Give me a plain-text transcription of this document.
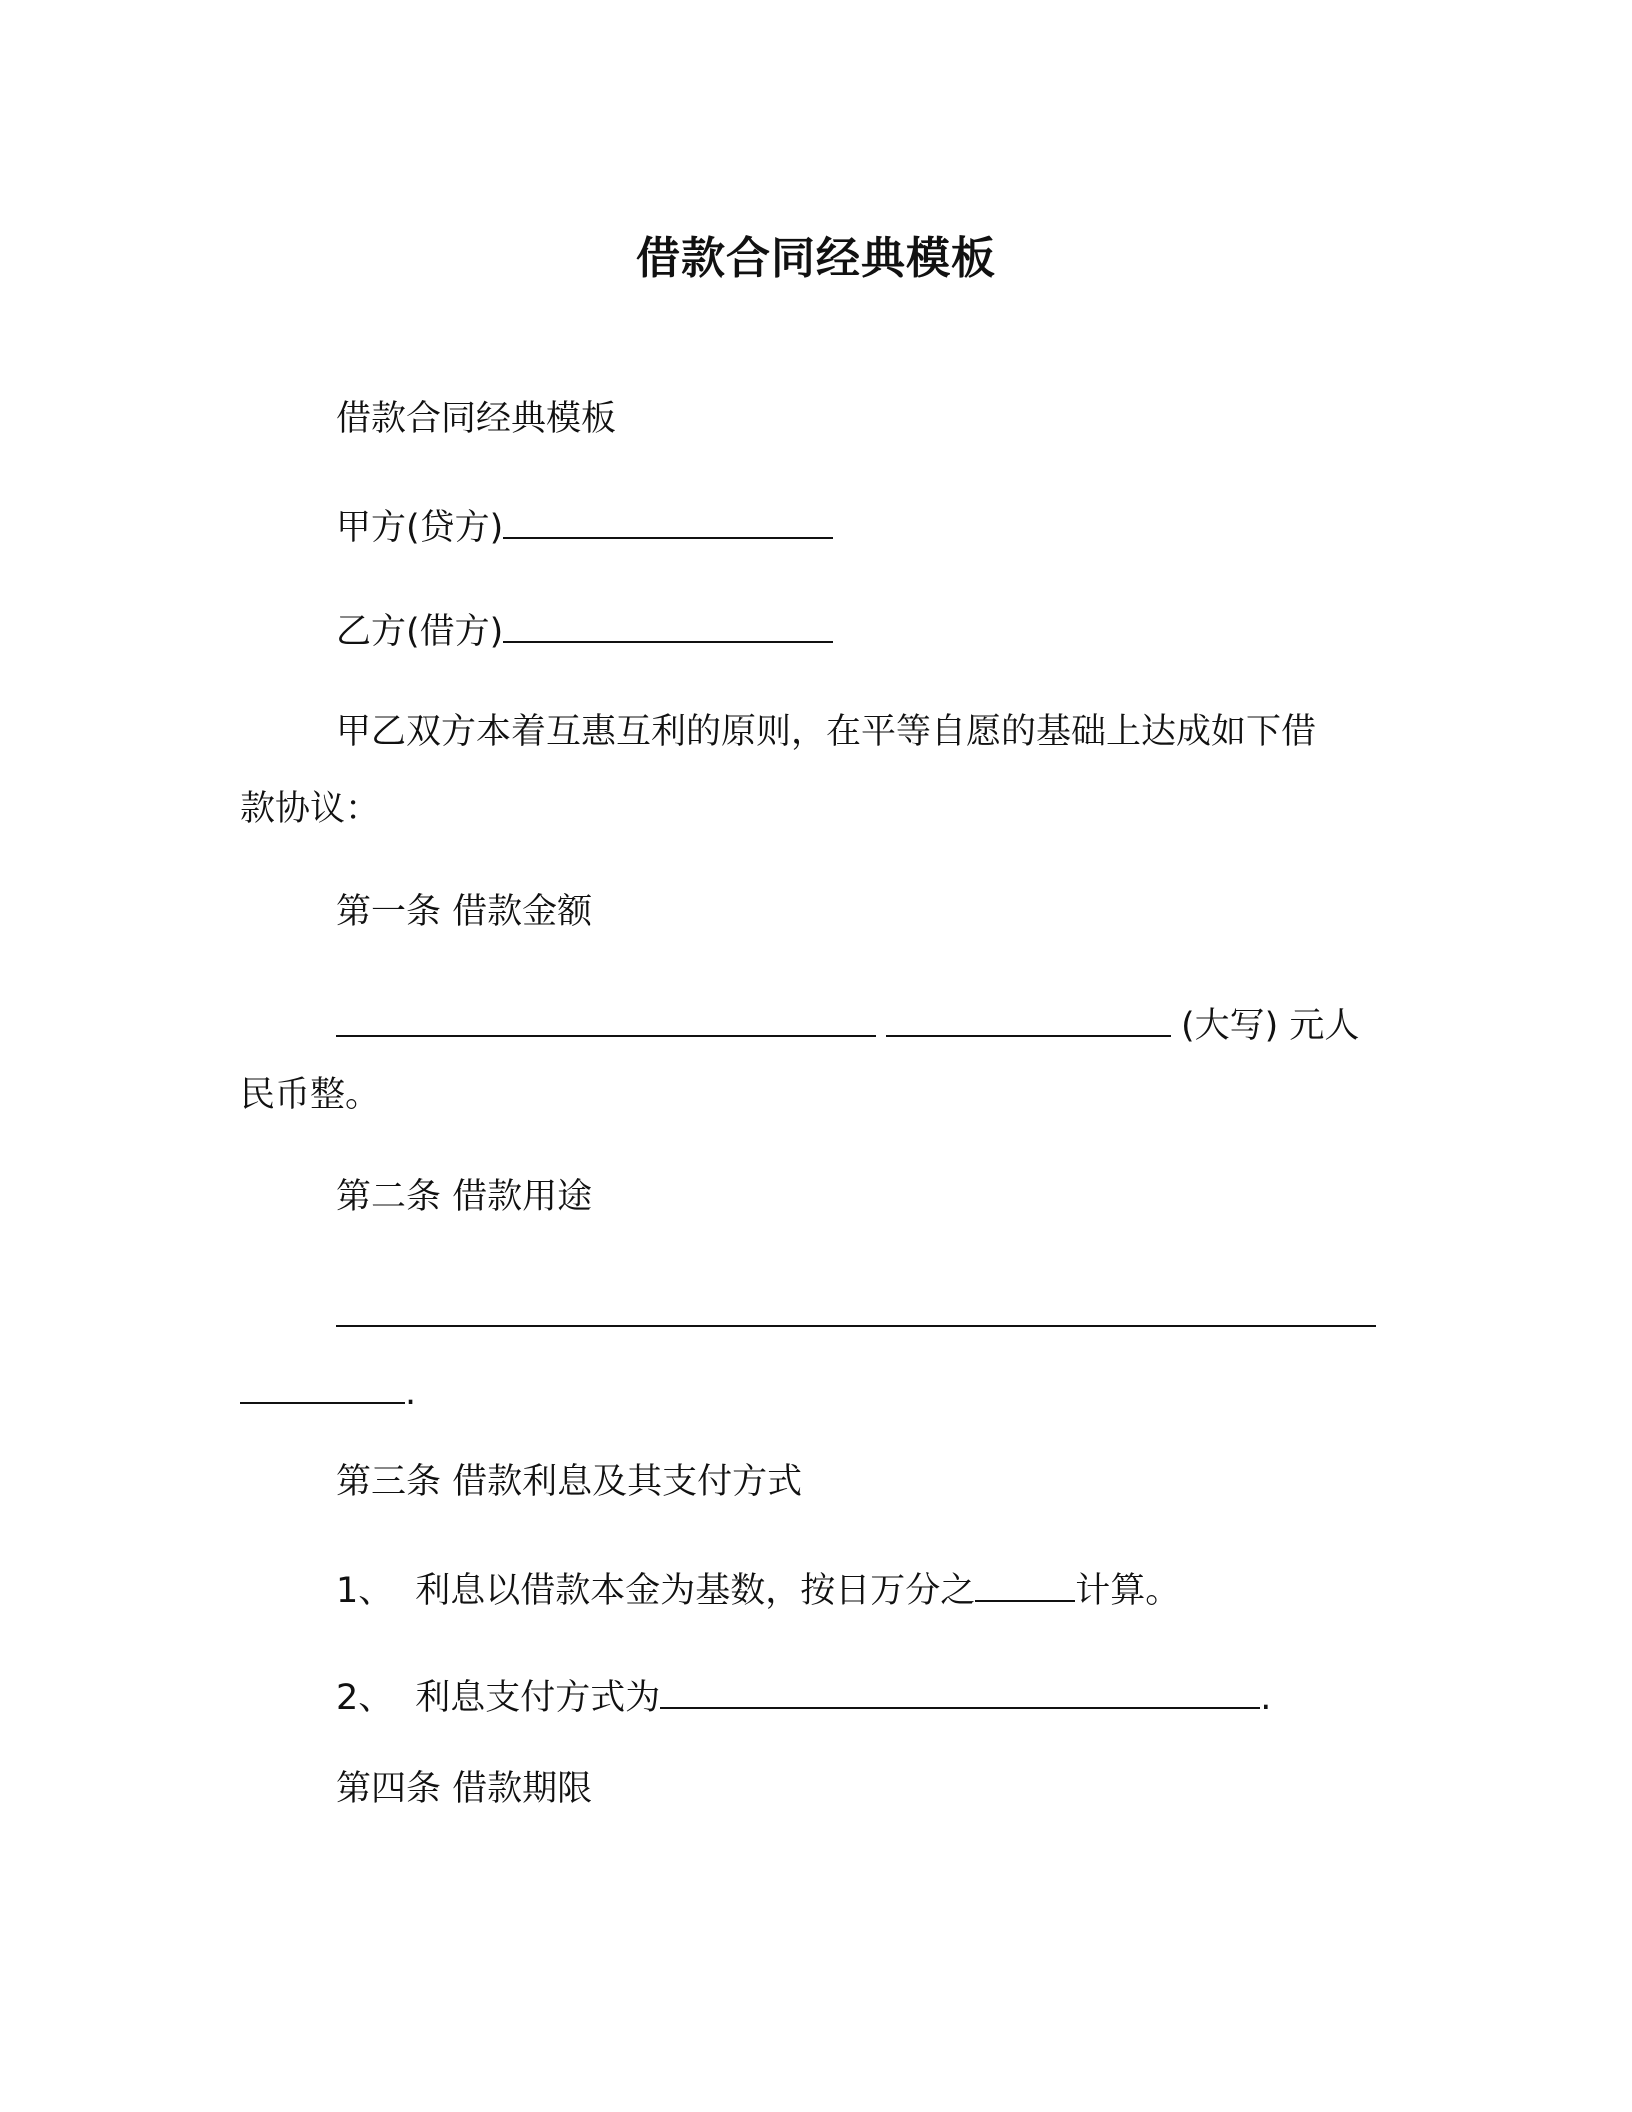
借款合同经典模板
借款合同经典模板
甲方(贷方)
乙方(借方)
甲乙双方本着互惠互利的原则，在平等自愿的基础上达成如下借
款协议：
第一条 借款金额
(大写) 元人
民币整。
第二条 借款用途
.
第三条 借款利息及其支付方式
1、 利息以借款本金为基数，按日万分之	计算。
2、 利息支付方式为	.
第四条 借款期限
